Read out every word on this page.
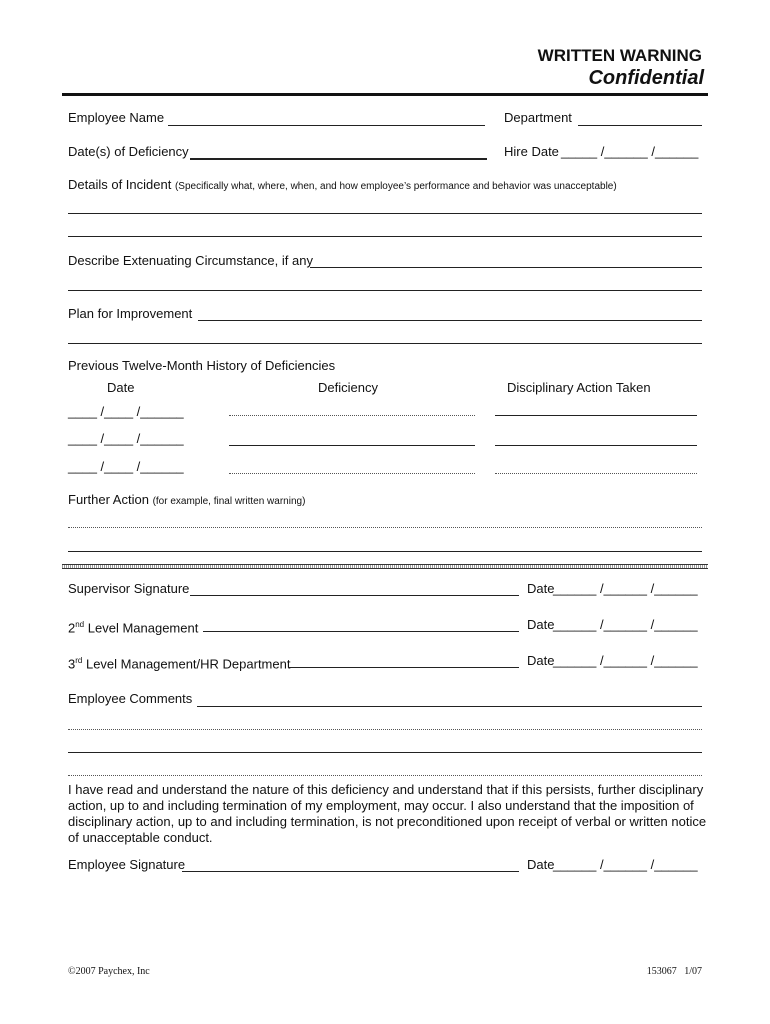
WRITTEN WARNING
Confidential
Employee Name	Department
Date(s) of Deficiency	Hire Date _____ /______ /______
Details of Incident (Specifically what, where, when, and how employee’s performance and behavior was unacceptable)
Describe Extenuating Circumstance, if any
Plan for Improvement
Previous Twelve-Month History of Deficiencies
Date	Deficiency	Disciplinary Action Taken
____ /____ /______
____ /____ /______
____ /____ /______
Further Action (for example, final written warning)
Supervisor Signature	Date
______ /______ /______
2nd Level Management	Date
______ /______ /______
3rd Level Management/HR Department	Date
______ /______ /______
Employee Comments
I have read and understand the nature of this deficiency and understand that if this persists, further disciplinary action, up to and including termination of my employment, may occur. I also understand that the imposition of disciplinary action, up to and including termination, is not preconditioned upon receipt of verbal or written notice of unacceptable conduct.
Employee Signature	Date
______ /______ /______
©2007 Paychex, Inc	153067   1/07
